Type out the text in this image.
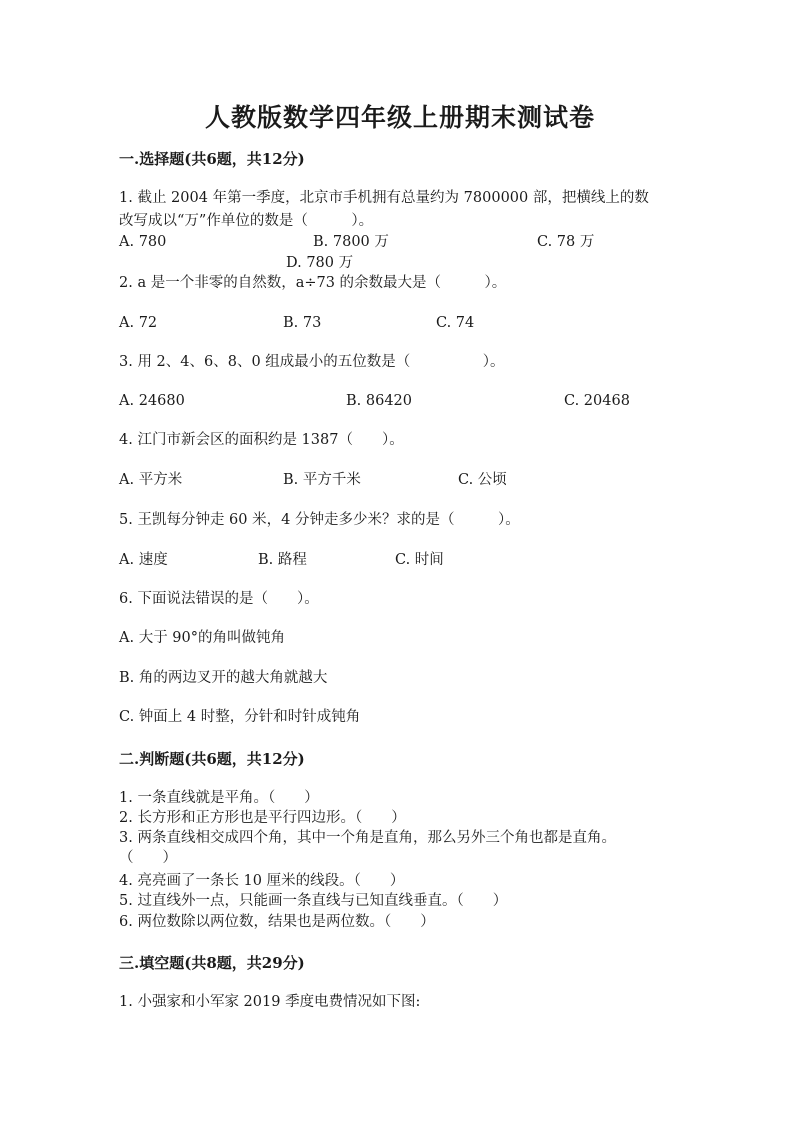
人教版数学四年级上册期末测试卷
一.选择题(共6题，共12分)
1. 截止 2004 年第一季度，北京市手机拥有总量约为 7800000 部，把横线上的数
改写成以“万”作单位的数是（　　　）。
A. 780	B. 7800 万	C. 78 万
D. 780 万
2. a 是一个非零的自然数，a÷73 的余数最大是（　　　）。
A. 72	B. 73	C. 74
3. 用 2、4、6、8、0 组成最小的五位数是（　　　　　）。
A. 24680	B. 86420	C. 20468
4. 江门市新会区的面积约是 1387（　　）。
A. 平方米	B. 平方千米	C. 公顷
5. 王凯每分钟走 60 米，4 分钟走多少米？求的是（　　　）。
A. 速度	B. 路程	C. 时间
6. 下面说法错误的是（　　）。
A. 大于 90°的角叫做钝角
B. 角的两边叉开的越大角就越大
C. 钟面上 4 时整，分针和时针成钝角
二.判断题(共6题，共12分)
1. 一条直线就是平角。（　　）
2. 长方形和正方形也是平行四边形。（　　）
3. 两条直线相交成四个角，其中一个角是直角，那么另外三个角也都是直角。
（　　）
4. 亮亮画了一条长 10 厘米的线段。（　　）
5. 过直线外一点，只能画一条直线与已知直线垂直。（　　）
6. 两位数除以两位数，结果也是两位数。（　　）
三.填空题(共8题，共29分)
1. 小强家和小军家 2019 季度电费情况如下图:
